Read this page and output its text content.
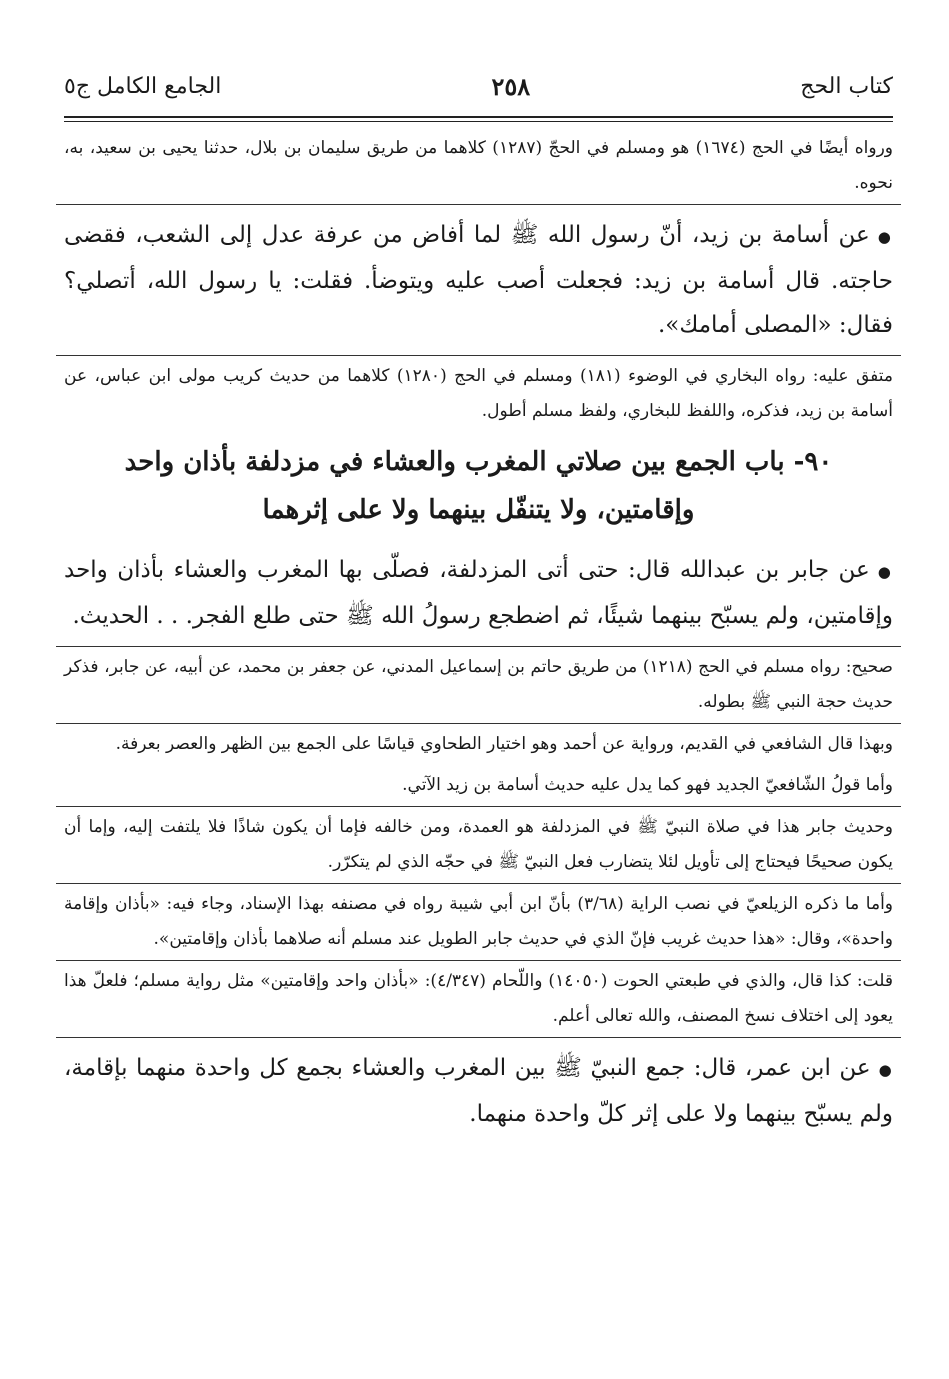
كتاب الحج
٢٥٨
الجامع الكامل ج٥

ورواه أيضًا في الحج (١٦٧٤) هو ومسلم في الحجّ (١٢٨٧) كلاهما من طريق سليمان بن بلال، حدثنا يحيى بن سعيد، به، نحوه.

●عن أسامة بن زيد، أنّ رسول الله ﷺ لما أفاض من عرفة عدل إلى الشعب، فقضى حاجته. قال أسامة بن زيد: فجعلت أصب عليه ويتوضأ. فقلت: يا رسول الله، أتصلي؟ فقال: «المصلى أمامك».

متفق عليه: رواه البخاري في الوضوء (١٨١) ومسلم في الحج (١٢٨٠) كلاهما من حديث كريب مولى ابن عباس، عن أسامة بن زيد، فذكره، واللفظ للبخاري، ولفظ مسلم أطول.

٩٠- باب الجمع بين صلاتي المغرب والعشاء في مزدلفة بأذان واحد
وإقامتين، ولا يتنفّل بينهما ولا على إثرهما

●عن جابر بن عبدالله قال: حتى أتى المزدلفة، فصلّى بها المغرب والعشاء بأذان واحد وإقامتين، ولم يسبّح بينهما شيئًا، ثم اضطجع رسولُ الله ﷺ حتى طلع الفجر. . . الحديث.

صحيح: رواه مسلم في الحج (١٢١٨) من طريق حاتم بن إسماعيل المدني، عن جعفر بن محمد، عن أبيه، عن جابر، فذكر حديث حجة النبي ﷺ بطوله.

وبهذا قال الشافعي في القديم، ورواية عن أحمد وهو اختيار الطحاوي قياسًا على الجمع بين الظهر والعصر بعرفة.

وأما قولُ الشّافعيّ الجديد فهو كما يدل عليه حديث أسامة بن زيد الآتي.

وحديث جابر هذا في صلاة النبيّ ﷺ في المزدلفة هو العمدة، ومن خالفه فإما أن يكون شاذًا فلا يلتفت إليه، وإما أن يكون صحيحًا فيحتاج إلى تأويل لئلا يتضارب فعل النبيّ ﷺ في حجّه الذي لم يتكرّر.

وأما ما ذكره الزيلعيّ في نصب الراية (٣/٦٨) بأنّ ابن أبي شيبة رواه في مصنفه بهذا الإسناد، وجاء فيه: «بأذان وإقامة واحدة»، وقال: «هذا حديث غريب فإنّ الذي في حديث جابر الطويل عند مسلم أنه صلاهما بأذان وإقامتين».

قلت: كذا قال، والذي في طبعتي الحوت (١٤٠٥٠) واللّحام (٤/٣٤٧): «بأذان واحد وإقامتين» مثل رواية مسلم؛ فلعلّ هذا يعود إلى اختلاف نسخ المصنف، والله تعالى أعلم.

●عن ابن عمر، قال: جمع النبيّ ﷺ بين المغرب والعشاء بجمع كل واحدة منهما بإقامة، ولم يسبّح بينهما ولا على إثر كلّ واحدة منهما.
